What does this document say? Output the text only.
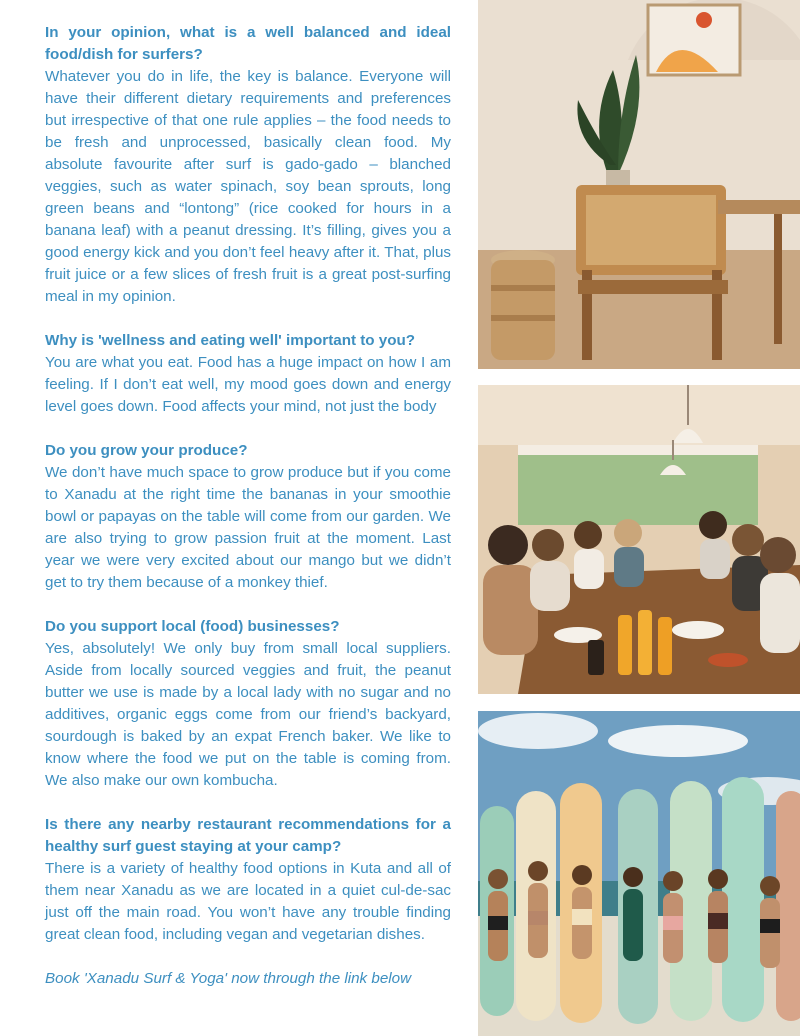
In your opinion, what is a well balanced and ideal food/dish for surfers?

Whatever you do in life, the key is balance. Everyone will have their different dietary requirements and preferences but irrespective of that one rule applies – the food needs to be fresh and unprocessed, basically clean food. My absolute favourite after surf is gado-gado – blanched veggies, such as water spinach, soy bean sprouts, long green beans and “lontong” (rice cooked for hours in a banana leaf) with a peanut dressing. It’s filling, gives you a good energy kick and you don’t feel heavy after it. That, plus fruit juice or a few slices of fresh fruit is a great post-surfing meal in my opinion.

Why is 'wellness and eating well' important to you?

You are what you eat. Food has a huge impact on how I am feeling. If I don’t eat well, my mood goes down and energy level goes down. Food affects your mind, not just the body

Do you grow your produce?

We don’t have much space to grow produce but if you come to Xanadu at the right time the bananas in your smoothie bowl or papayas on the table will come from our garden. We are also trying to grow passion fruit at the moment. Last year we were very excited about our mango but we didn’t get to try them because of a monkey thief.

Do you support local (food) businesses?

Yes, absolutely! We only buy from small local suppliers. Aside from locally sourced veggies and fruit, the peanut butter we use is made by a local lady with no sugar and no additives, organic eggs come from our friend’s backyard, sourdough is baked by an expat French baker. We like to know where the food we put on the table is coming from. We also make our own kombucha.

Is there any nearby restaurant recommendations for a healthy surf guest staying at your camp?

There is a variety of healthy food options in Kuta and all of them near Xanadu as we are located in a quiet cul-de-sac just off the main road. You won’t have any trouble finding great clean food, including vegan and vegetarian dishes.

Book 'Xanadu Surf & Yoga' now through the link below
